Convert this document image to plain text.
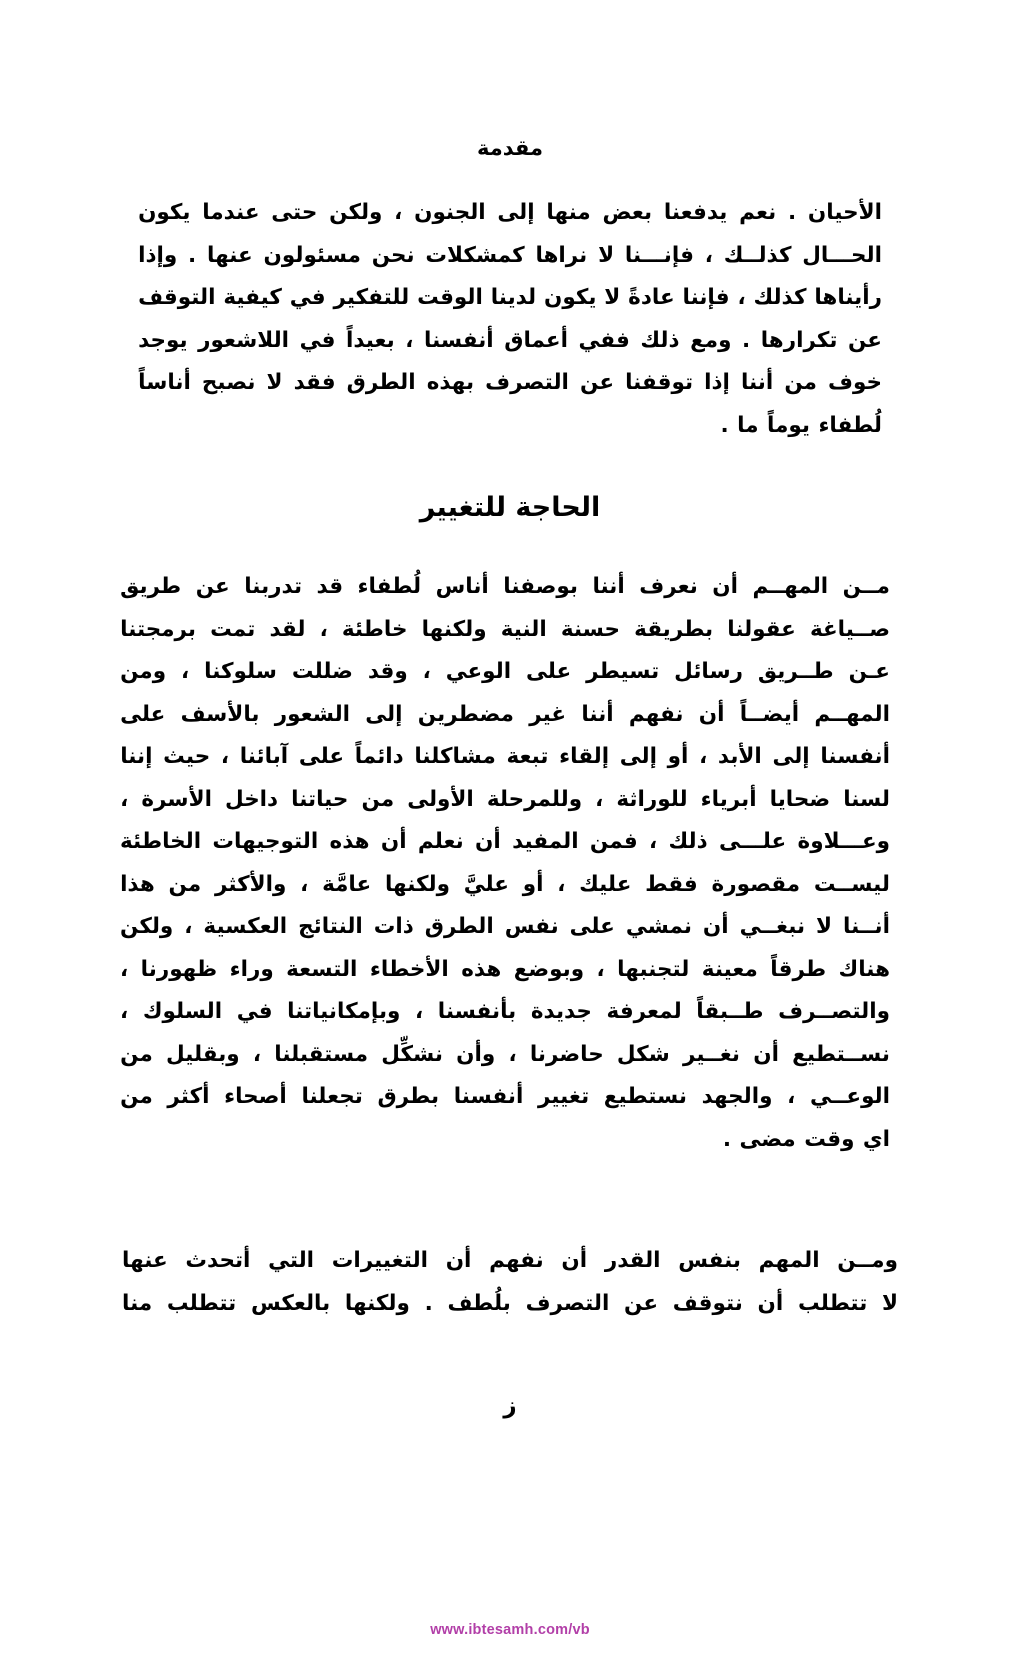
مقدمة

الأحيان
.
نعم
يدفعنا
بعض
منها
إلى
الجنون
،
ولكن
حتى
عندما
يكون
الحـــال
كذلــك
،
فإنـــنا
لا
نراها
كمشكلات
نحن
مسئولون
عنها
.
وإذا
رأيناها
كذلك
،
فإننا
عادةً
لا
يكون
لدينا
الوقت
للتفكير
في
كيفية
التوقف
عن
تكرارها
.
ومع
ذلك
ففي
أعماق
أنفسنا
،
بعيداً
في
اللاشعور
يوجد
خوف
من
أننا
إذا
توقفنا
عن
التصرف
بهذه
الطرق
فقد
لا
نصبح
أناساً
لُطفاء يوماً ما .

الحاجة للتغيير

مــن
المهــم
أن
نعرف
أننا
بوصفنا
أناس
لُطفاء
قد
تدربنا
عن
طريق
صــياغة
عقولنا
بطريقة
حسنة
النية
ولكنها
خاطئة
،
لقد
تمت
برمجتنا
عـن
طــريق
رسائل
تسيطر
على
الوعي
،
وقد
ضللت
سلوكنا
،
ومن
المهــم
أيضــاً
أن
نفهم
أننا
غير
مضطرين
إلى
الشعور
بالأسف
على
أنفسنا
إلى
الأبد
،
أو
إلى
إلقاء
تبعة
مشاكلنا
دائماً
على
آبائنا
،
حيث
إننا
لسنا
ضحايا
أبرياء
للوراثة
،
وللمرحلة
الأولى
من
حياتنا
داخل
الأسرة
،
وعـــلاوة
علـــى
ذلك
،
فمن
المفيد
أن
نعلم
أن
هذه
التوجيهات
الخاطئة
ليســت
مقصورة
فقط
عليك
،
أو
عليَّ
ولكنها
عامَّة
،
والأكثر
من
هذا
أنــنا
لا
نبغــي
أن
نمشي
على
نفس
الطرق
ذات
النتائج
العكسية
،
ولكن
هناك
طرقاً
معينة
لتجنبها
،
وبوضع
هذه
الأخطاء
التسعة
وراء
ظهورنا
،
والتصــرف
طــبقاً
لمعرفة
جديدة
بأنفسنا
،
وبإمكانياتنا
في
السلوك
،
نســتطيع
أن
نغــير
شكل
حاضرنا
،
وأن
نشكِّل
مستقبلنا
،
وبقليل
من
الوعــي
،
والجهد
نستطيع
تغيير
أنفسنا
بطرق
تجعلنا
أصحاء
أكثر
من
اي وقت مضى .

ومــن
المهم
بنفس
القدر
أن
نفهم
أن
التغييرات
التي
أتحدث
عنها
لا
تتطلب
أن
نتوقف
عن
التصرف
بلُطف
.
ولكنها
بالعكس
تتطلب
منا

ز
www.ibtesamh.com/vb
